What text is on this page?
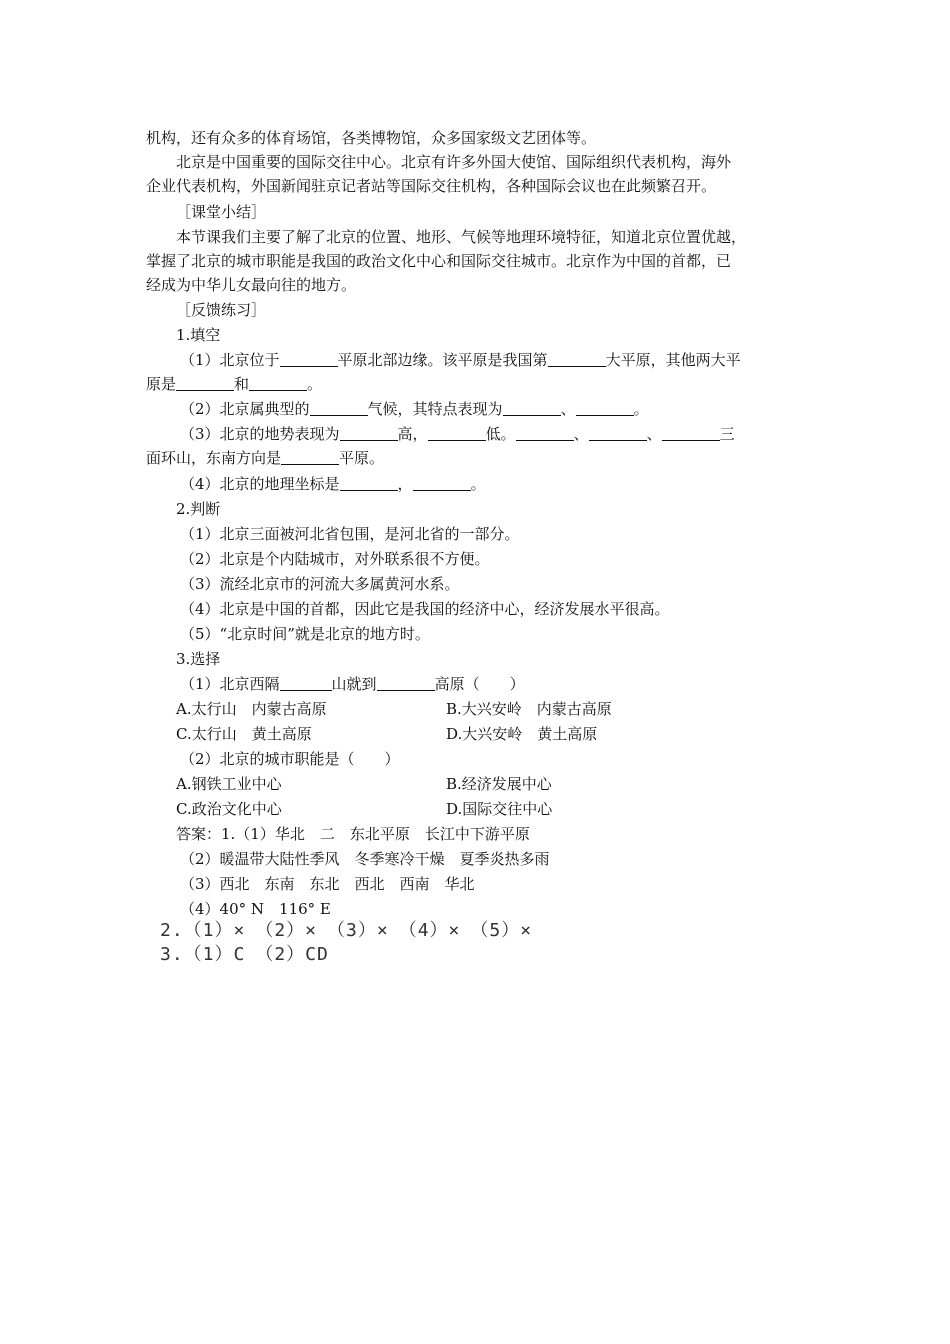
机构，还有众多的体育场馆，各类博物馆，众多国家级文艺团体等。
北京是中国重要的国际交往中心。北京有许多外国大使馆、国际组织代表机构，海外
企业代表机构，外国新闻驻京记者站等国际交往机构，各种国际会议也在此频繁召开。
［课堂小结］
本节课我们主要了解了北京的位置、地形、气候等地理环境特征，知道北京位置优越，
掌握了北京的城市职能是我国的政治文化中心和国际交往城市。北京作为中国的首都，已
经成为中华儿女最向往的地方。
［反馈练习］
1.填空
（1）北京位于	平原北部边缘。该平原是我国第	大平原，其他两大平
原是	和	。
（2）北京属典型的	气候，其特点表现为	、	。
（3）北京的地势表现为	高，	低。	、	、	三
面环山，东南方向是	平原。
（4）北京的地理坐标是	，	。
2.判断
（1）北京三面被河北省包围，是河北省的一部分。
（2）北京是个内陆城市，对外联系很不方便。
（3）流经北京市的河流大多属黄河水系。
（4）北京是中国的首都，因此它是我国的经济中心，经济发展水平很高。
（5）“北京时间”就是北京的地方时。
3.选择
（1）北京西隔	山就到	高原（　　）
A.太行山　内蒙古高原	B.大兴安岭　内蒙古高原
C.太行山　黄土高原	D.大兴安岭　黄土高原
（2）北京的城市职能是（　　）
A.钢铁工业中心	B.经济发展中心
C.政治文化中心	D.国际交往中心
答案：1.（1）华北　二　东北平原　长江中下游平原
（2）暖温带大陆性季风　冬季寒冷干燥　夏季炎热多雨
（3）西北　东南　东北　西北　西南　华北
（4）40° N　116° E
2.（1）×　（2）×　（3）×　（4）×　（5）×
3.（1）C　（2）CD
